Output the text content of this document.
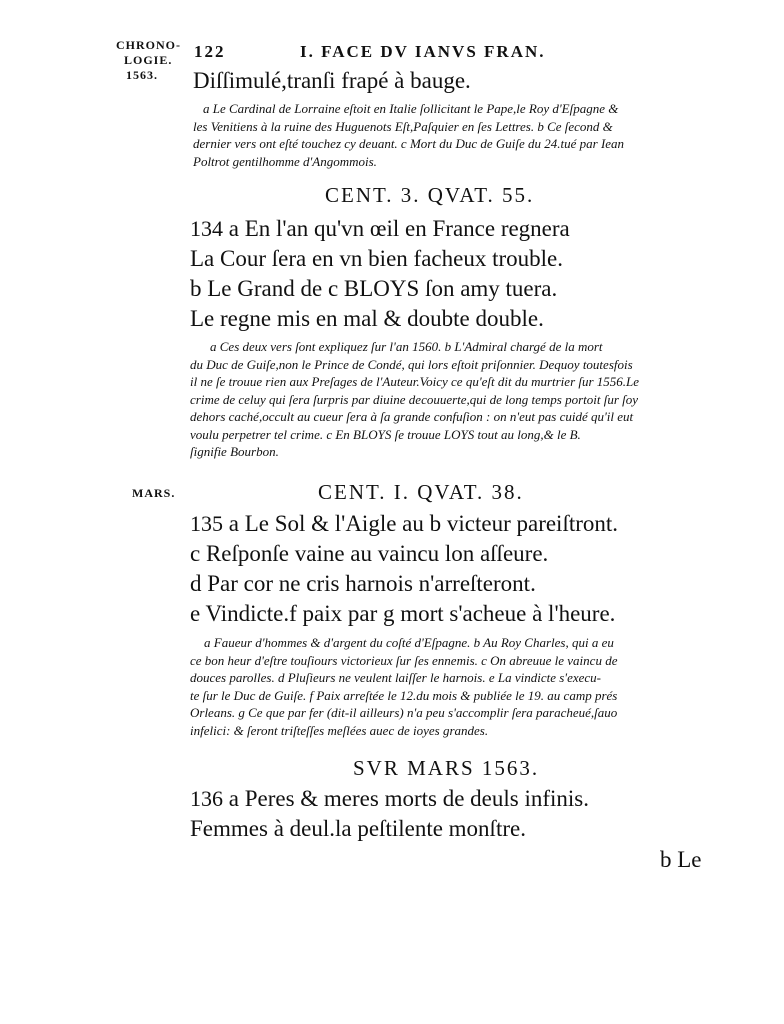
CHRONO-
LOGIE.
1563.
122	I. FACE DV IANVS FRAN.
Diſſimulé,tranſi frapé à bauge.
a Le Cardinal de Lorraine eſtoit en Italie ſollicitant le Pape,le Roy d'Eſpagne &
les Venitiens à la ruine des Huguenots Eſt,Paſquier en ſes Lettres. b Ce ſecond &
dernier vers ont eſté touchez cy deuant. c Mort du Duc de Guiſe du 24.tué par Iean
Poltrot gentilhomme d'Angommois.
CENT. 3. QVAT. 55.
134 a En l'an qu'vn œil en France regnera
La Cour ſera en vn bien facheux trouble.
b Le Grand de c BLOYS ſon amy tuera.
Le regne mis en mal & doubte double.
a Ces deux vers ſont expliquez ſur l'an 1560. b L'Admiral chargé de la mort
du Duc de Guiſe,non le Prince de Condé, qui lors eſtoit priſonnier. Dequoy toutesfois
il ne ſe trouue rien aux Preſages de l'Auteur.Voicy ce qu'eſt dit du murtrier ſur 1556.Le
crime de celuy qui ſera ſurpris par diuine decouuerte,qui de long temps portoit ſur ſoy
dehors caché,occult au cueur ſera à ſa grande confuſion : on n'eut pas cuidé qu'il eut
voulu perpetrer tel crime. c En BLOYS ſe trouue LOYS tout au long,& le B.
ſignifie Bourbon.
MARS.	CENT. I. QVAT. 38.
135 a Le Sol & l'Aigle au b victeur pareiſtront.
c Reſponſe vaine au vaincu lon aſſeure.
d Par cor ne cris harnois n'arreſteront.
e Vindicte.f paix par g mort s'acheue à l'heure.
a Faueur d'hommes & d'argent du coſté d'Eſpagne. b Au Roy Charles, qui a eu
ce bon heur d'eſtre touſiours victorieux ſur ſes ennemis. c On abreuue le vaincu de
douces parolles. d Pluſieurs ne veulent laiſſer le harnois. e La vindicte s'execu-
te ſur le Duc de Guiſe. f Paix arreſtée le 12.du mois & publiée le 19. au camp prés
Orleans. g Ce que par fer (dit-il ailleurs) n'a peu s'accomplir ſera paracheué,ſauo
infelici: & ſeront triſteſſes meſlées auec de ioyes grandes.
SVR MARS 1563.
136 a Peres & meres morts de deuls infinis.
Femmes à deul.la peſtilente monſtre.
b Le
